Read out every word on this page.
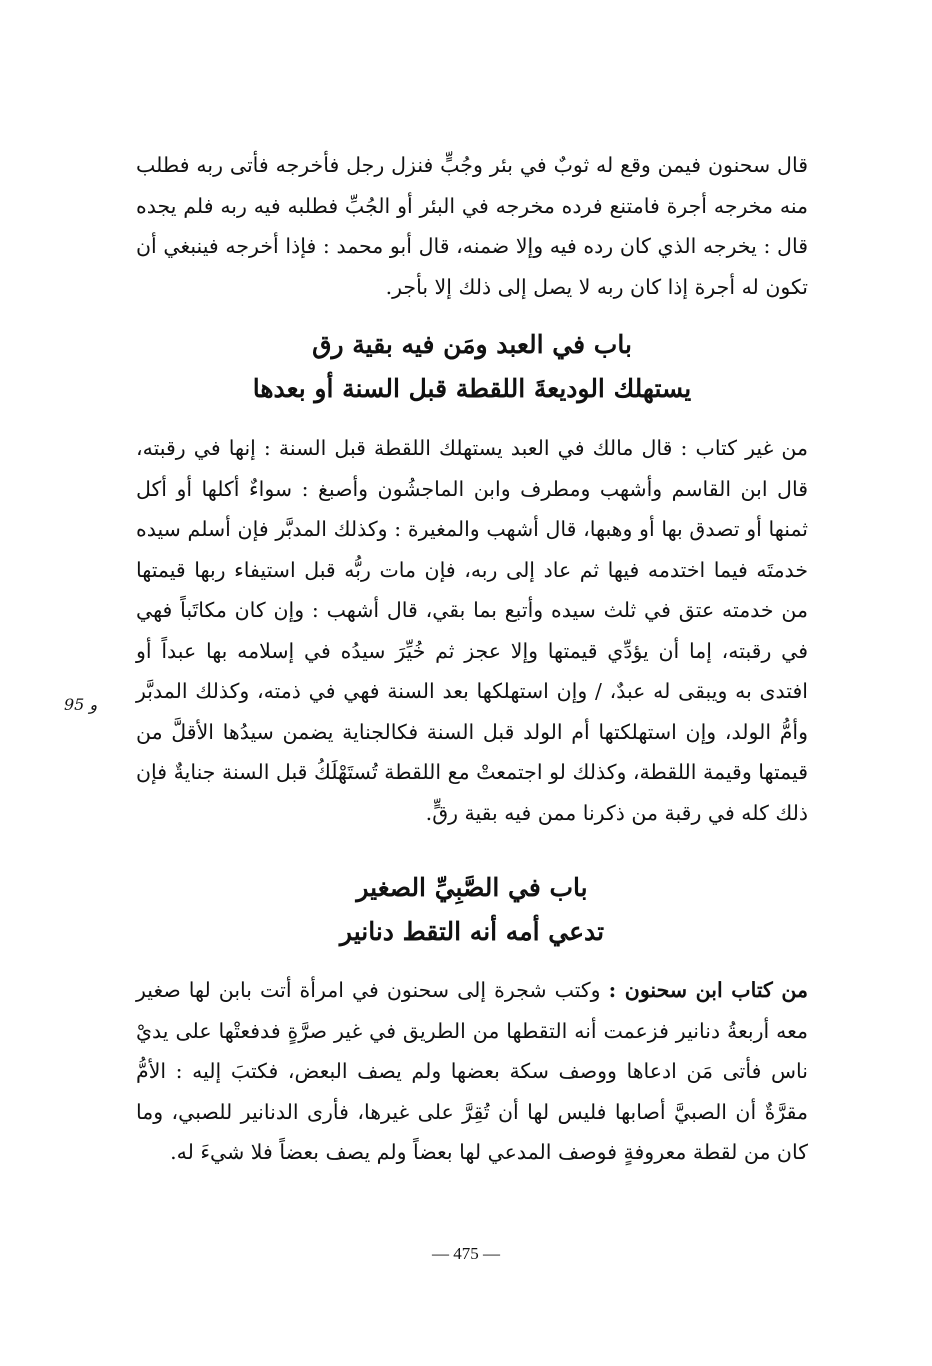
قال سحنون فيمن وقع له ثوبٌ في بئر وجُبٍّ فنزل رجل فأخرجه فأتى ربه فطلب منه مخرجه أجرة فامتنع فرده مخرجه في البئر أو الجُبِّ فطلبه فيه ربه فلم يجده قال : يخرجه الذي كان رده فيه وإلا ضمنه، قال أبو محمد : فإذا أخرجه فينبغي أن تكون له أجرة إذا كان ربه لا يصل إلى ذلك إلا بأجر.
باب في العبد ومَن فيه بقية رق
يستهلك الوديعةَ اللقطة قبل السنة أو بعدها
من غير كتاب : قال مالك في العبد يستهلك اللقطة قبل السنة : إنها في رقبته، قال ابن القاسم وأشهب ومطرف وابن الماجشُون وأصبغ : سواءٌ أكلها أو أكل ثمنها أو تصدق بها أو وهبها، قال أشهب والمغيرة : وكذلك المدبَّر فإن أسلم سيده خدمتَه فيما اختدمه فيها ثم عاد إلى ربه، فإن مات ربُّه قبل استيفاء ربها قيمتها من خدمته عتق في ثلث سيده وأتبع بما بقي، قال أشهب : وإن كان مكاتَباً فهي في رقبته، إما أن يؤدِّي قيمتها وإلا عجز ثم خُيِّرَ سيدُه في إسلامه بها عبداً أو افتدى به ويبقى له عبدٌ، / وإن استهلكها بعد السنة فهي في ذمته، وكذلك المدبَّر وأمُّ الولد، وإن استهلكتها أم الولد قبل السنة فكالجناية يضمن سيدُها الأقلَّ من قيمتها وقيمة اللقطة، وكذلك لو اجتمعتْ مع اللقطة تُستَهْلَكُ قبل السنة جنايةٌ فإن ذلك كله في رقبة من ذكرنا ممن فيه بقية رقٍّ.
95 و
باب في الصَّبِيِّ الصغير
تدعي أمه أنه التقط دنانير
من كتاب ابن سحنون : وكتب شجرة إلى سحنون في امرأة أتت بابن لها صغير معه أربعةُ دنانير فزعمت أنه التقطها من الطريق في غير صرَّةٍ فدفعتْها على يديْ ناس فأتى مَن ادعاها ووصف سكة بعضها ولم يصف البعض، فكتبَ إليه : الأمُّ مقرَّةٌ أن الصبيَّ أصابها فليس لها أن تُقِرَّ على غيرها، فأرى الدنانير للصبي، وما كان من لقطة معروفةٍ فوصف المدعي لها بعضاً ولم يصف بعضاً فلا شيءَ له.
— 475 —
